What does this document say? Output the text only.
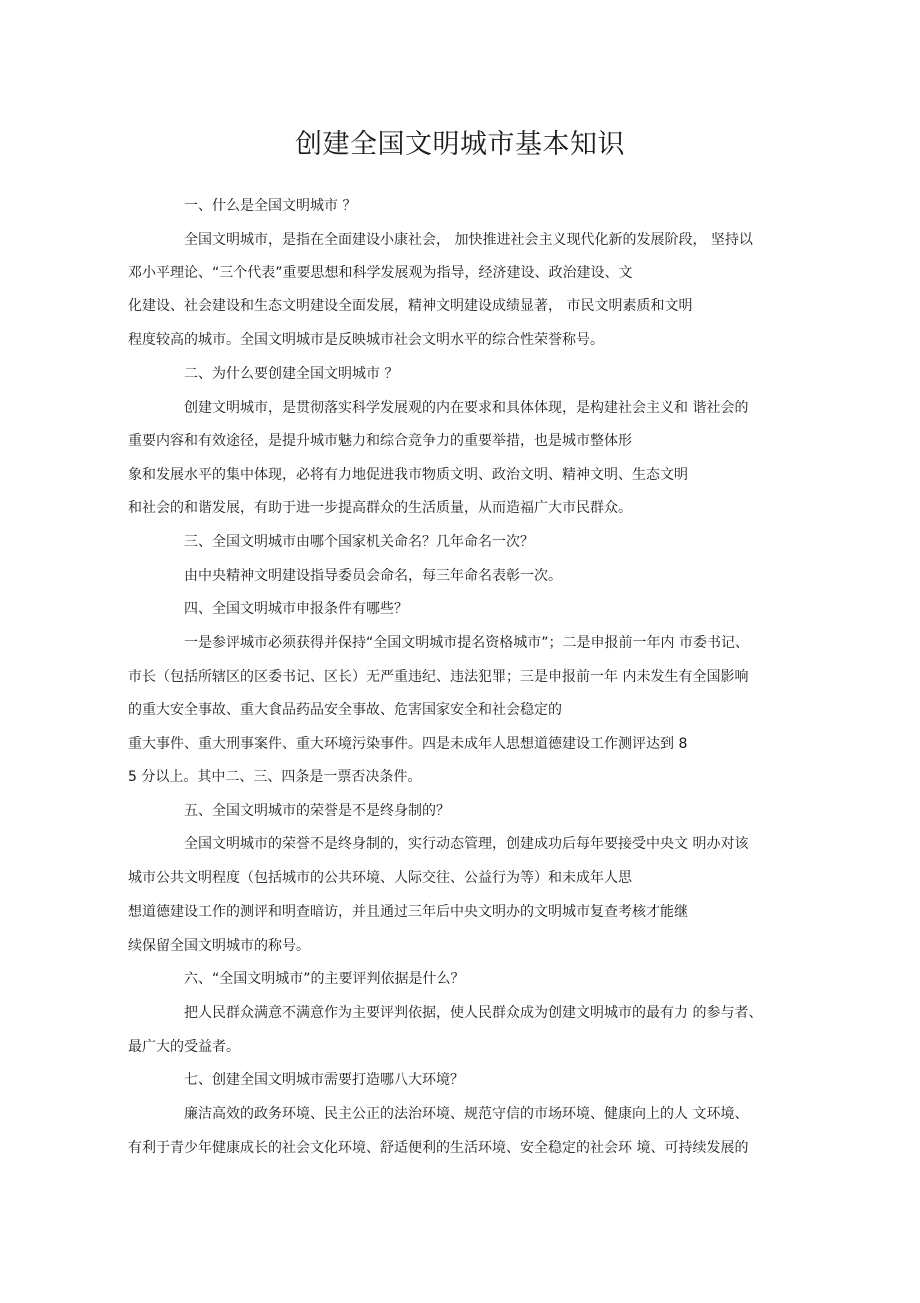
创建全国文明城市基本知识
一、什么是全国文明城市 ？
全国文明城市，是指在全面建设小康社会， 加快推进社会主义现代化新的发展阶段， 坚持以
邓小平理论、“三个代表”重要思想和科学发展观为指导，经济建设、政治建设、文
化建设、社会建设和生态文明建设全面发展，精神文明建设成绩显著， 市民文明素质和文明
程度较高的城市。全国文明城市是反映城市社会文明水平的综合性荣誉称号。
二、为什么要创建全国文明城市 ？
创建文明城市，是贯彻落实科学发展观的内在要求和具体体现，是构建社会主义和 谐社会的
重要内容和有效途径，是提升城市魅力和综合竞争力的重要举措，也是城市整体形
象和发展水平的集中体现，必将有力地促进我市物质文明、政治文明、精神文明、生态文明
和社会的和谐发展，有助于进一步提高群众的生活质量，从而造福广大市民群众。
三、全国文明城市由哪个国家机关命名？几年命名一次？
由中央精神文明建设指导委员会命名，每三年命名表彰一次。
四、全国文明城市申报条件有哪些？
一是参评城市必须获得并保持“全国文明城市提名资格城市”；二是申报前一年内 市委书记、
市长（包括所辖区的区委书记、区长）无严重违纪、违法犯罪；三是申报前一年 内未发生有全国影响
的重大安全事故、重大食品药品安全事故、危害国家安全和社会稳定的
重大事件、重大刑事案件、重大环境污染事件。四是未成年人思想道德建设工作测评达到 8
5 分以上。其中二、三、四条是一票否决条件。
五、全国文明城市的荣誉是不是终身制的？
全国文明城市的荣誉不是终身制的，实行动态管理，创建成功后每年要接受中央文 明办对该
城市公共文明程度（包括城市的公共环境、人际交往、公益行为等）和未成年人思
想道德建设工作的测评和明查暗访，并且通过三年后中央文明办的文明城市复查考核才能继
续保留全国文明城市的称号。
六、“全国文明城市”的主要评判依据是什么？
把人民群众满意不满意作为主要评判依据，使人民群众成为创建文明城市的最有力 的参与者、
最广大的受益者。
七、创建全国文明城市需要打造哪八大环境？
廉洁高效的政务环境、民主公正的法治环境、规范守信的市场环境、健康向上的人 文环境、
有利于青少年健康成长的社会文化环境、舒适便利的生活环境、安全稳定的社会环 境、可持续发展的
